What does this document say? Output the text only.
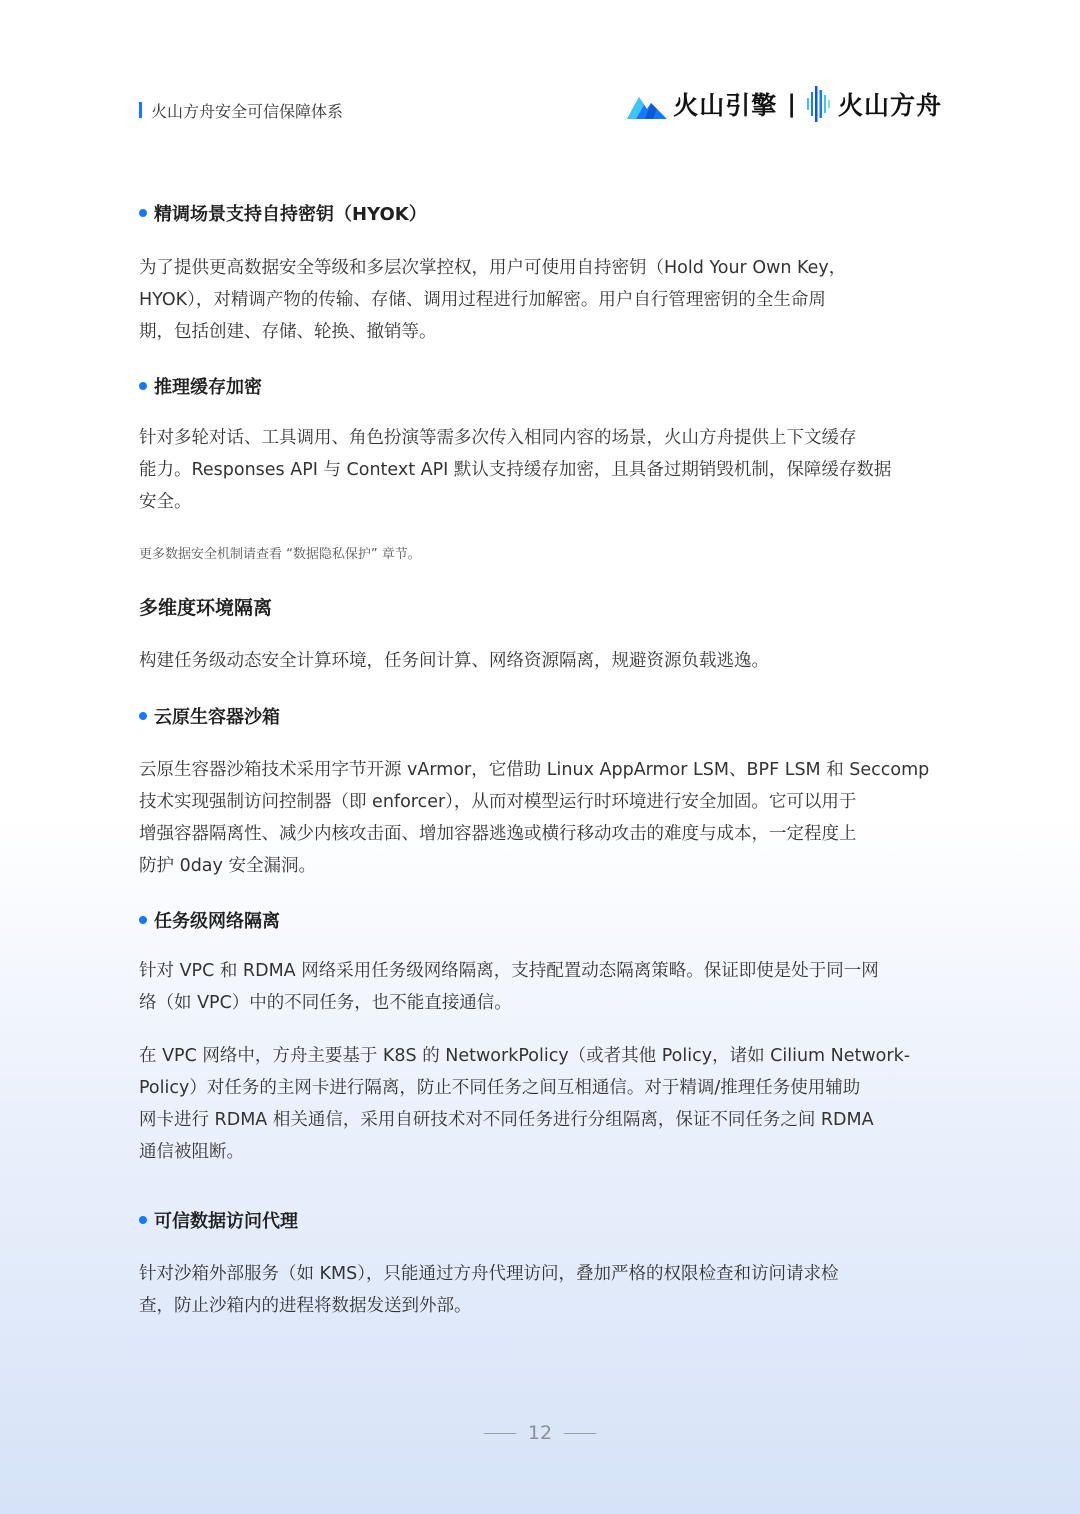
火山方舟安全可信保障体系	火山引擎 | 火山方舟
精调场景支持自持密钥（HYOK）

为了提供更高数据安全等级和多层次掌控权，用户可使用自持密钥（Hold Your Own Key，

HYOK），对精调产物的传输、存储、调用过程进行加解密。用户自行管理密钥的全生命周

期，包括创建、存储、轮换、撤销等。

推理缓存加密

针对多轮对话、工具调用、角色扮演等需多次传入相同内容的场景，火山方舟提供上下文缓存

能力。Responses API 与 Context API 默认支持缓存加密，且具备过期销毁机制，保障缓存数据

安全。

更多数据安全机制请查看 “数据隐私保护” 章节。
多维度环境隔离

构建任务级动态安全计算环境，任务间计算、网络资源隔离，规避资源负载逃逸。

云原生容器沙箱

云原生容器沙箱技术采用字节开源 vArmor，它借助 Linux AppArmor LSM、BPF LSM 和 Seccomp

技术实现强制访问控制器（即 enforcer），从而对模型运行时环境进行安全加固。它可以用于

增强容器隔离性、减少内核攻击面、增加容器逃逸或横行移动攻击的难度与成本，一定程度上

防护 0day 安全漏洞。

任务级网络隔离

针对 VPC 和 RDMA 网络采用任务级网络隔离，支持配置动态隔离策略。保证即使是处于同一网

络（如 VPC）中的不同任务，也不能直接通信。

在 VPC 网络中，方舟主要基于 K8S 的 NetworkPolicy（或者其他 Policy，诸如 Cilium Network-

Policy）对任务的主网卡进行隔离，防止不同任务之间互相通信。对于精调/推理任务使用辅助

网卡进行 RDMA 相关通信，采用自研技术对不同任务进行分组隔离，保证不同任务之间 RDMA

通信被阻断。

可信数据访问代理

针对沙箱外部服务（如 KMS），只能通过方舟代理访问，叠加严格的权限检查和访问请求检

查，防止沙箱内的进程将数据发送到外部。

12
